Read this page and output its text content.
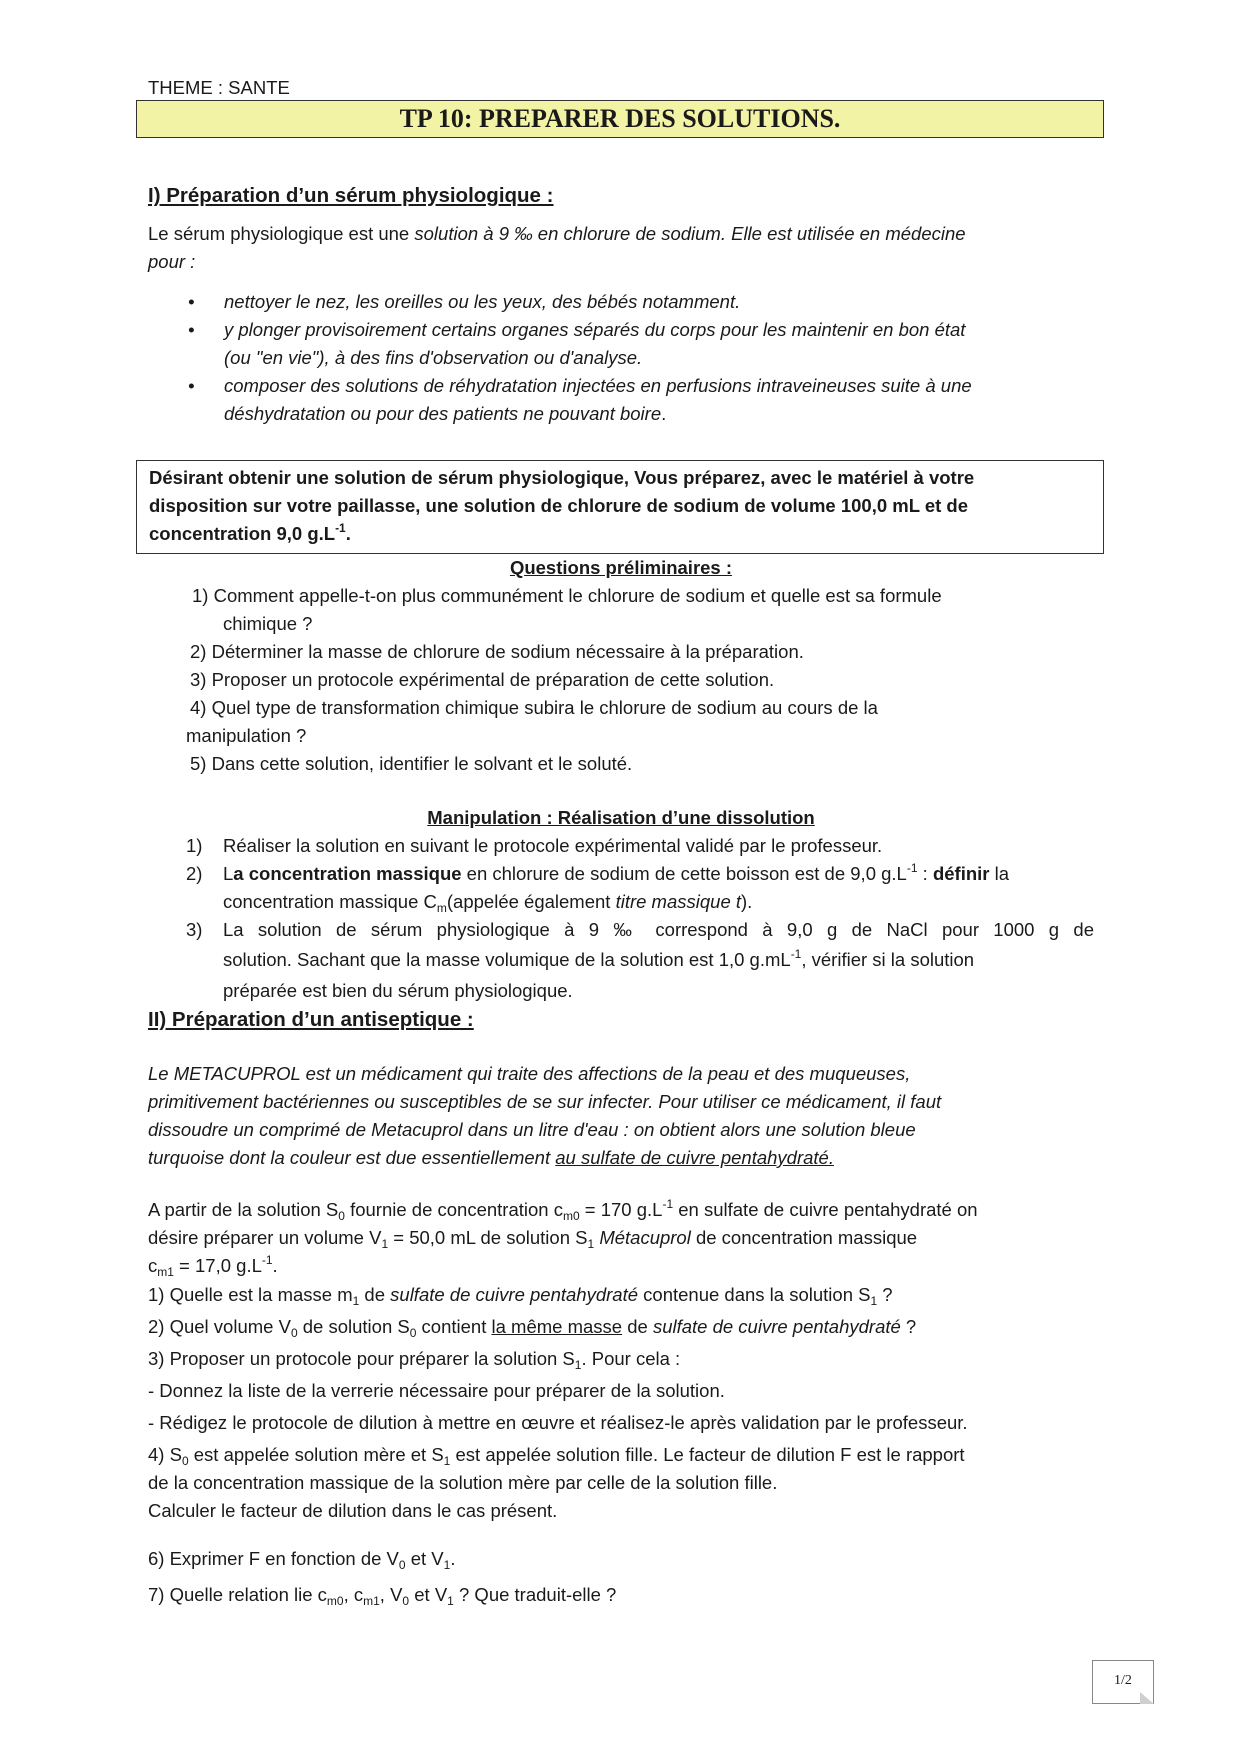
THEME : SANTE
TP 10: PREPARER DES SOLUTIONS.
I) Préparation d’un sérum physiologique :
Le sérum physiologique est une solution à 9 ‰ en chlorure de sodium. Elle est utilisée en médecine
pour :
• nettoyer le nez, les oreilles ou les yeux, des bébés notamment.
• y plonger provisoirement certains organes séparés du corps pour les maintenir en bon état
(ou "en vie"), à des fins d'observation ou d'analyse.
• composer des solutions de réhydratation injectées en perfusions intraveineuses suite à une
déshydratation ou pour des patients ne pouvant boire.
Désirant obtenir une solution de sérum physiologique, Vous préparez, avec le matériel à votre
disposition sur votre paillasse, une solution de chlorure de sodium de volume 100,0 mL et de
concentration 9,0 $g.L^{-1}$.
Questions préliminaires :
1) Comment appelle-t-on plus communément le chlorure de sodium et quelle est sa formule
chimique ?
2) Déterminer la masse de chlorure de sodium nécessaire à la préparation.
3) Proposer un protocole expérimental de préparation de cette solution.
4) Quel type de transformation chimique subira le chlorure de sodium au cours de la
manipulation ?
5) Dans cette solution, identifier le solvant et le soluté.
Manipulation : Réalisation d’une dissolution
1) Réaliser la solution en suivant le protocole expérimental validé par le professeur.
2) La concentration massique en chlorure de sodium de cette boisson est de 9,0 $g.L^{-1}$ : définir la
concentration massique $C_m(appelée$ également titre massique t).
3) La solution de sérum physiologique à 9 ‰ correspond à 9,0 g de NaCl pour 1000 g de
solution. Sachant que la masse volumique de la solution est 1,0 $g.mL^{-1}$, vérifier si la solution
préparée est bien du sérum physiologique.
II) Préparation d’un antiseptique :
Le METACUPROL est un médicament qui traite des affections de la peau et des muqueuses,
primitivement bactériennes ou susceptibles de se sur infecter. Pour utiliser ce médicament, il faut
dissoudre un comprimé de Metacuprol dans un litre d'eau : on obtient alors une solution bleue
turquoise dont la couleur est due essentiellement au sulfate de cuivre pentahydraté.
A partir de la solution $S_0$ fournie de concentration $c_{m0} = 170$ $g.L^{-1}$ en sulfate de cuivre pentahydraté on
désire préparer un volume $V_1 = 50,0$ mL de solution $S_1$ Métacuprol de concentration massique
$c_{m1} = 17,0$ $g.L^{-1}$.
1) Quelle est la masse $m_1$ de sulfate de cuivre pentahydraté contenue dans la solution $S_1$ ?
2) Quel volume $V_0$ de solution $S_0$ contient la même masse de sulfate de cuivre pentahydraté ?
3) Proposer un protocole pour préparer la solution $S_1$. Pour cela :
- Donnez la liste de la verrerie nécessaire pour préparer de la solution.
- Rédigez le protocole de dilution à mettre en œuvre et réalisez-le après validation par le professeur.
4) $S_0$ est appelée solution mère et $S_1$ est appelée solution fille. Le facteur de dilution F est le rapport
de la concentration massique de la solution mère par celle de la solution fille.
Calculer le facteur de dilution dans le cas présent.
6) Exprimer F en fonction de $V_0$ et $V_1$.
7) Quelle relation lie $c_{m0}$, $c_{m1}$, $V_0$ et $V_1$ ? Que traduit-elle ?
1/2
